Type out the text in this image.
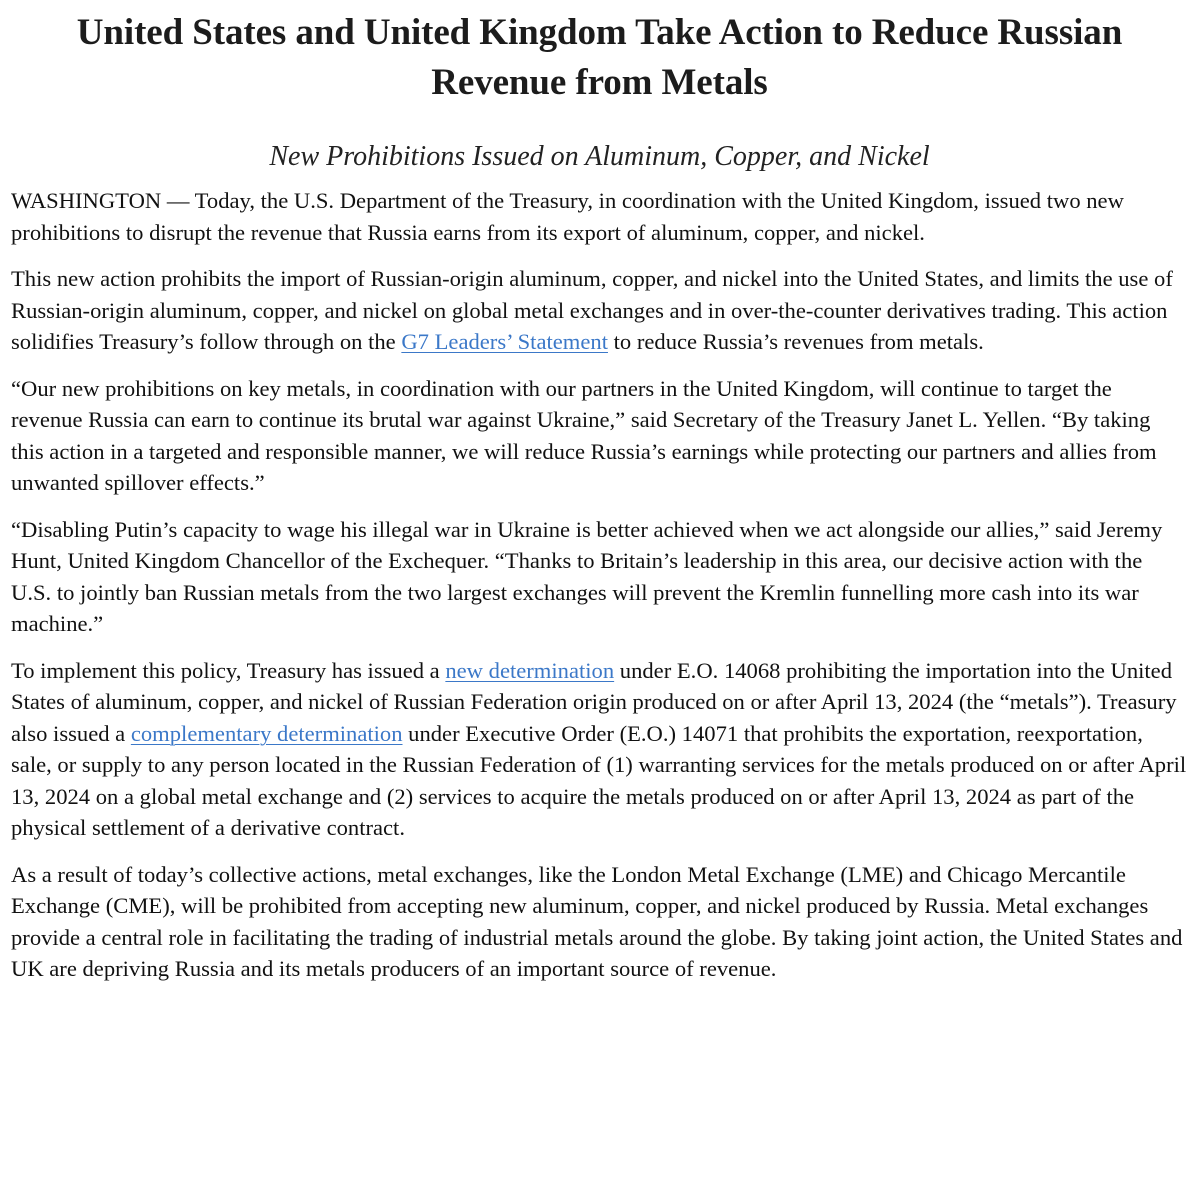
United States and United Kingdom Take Action to Reduce Russian Revenue from Metals
New Prohibitions Issued on Aluminum, Copper, and Nickel

WASHINGTON — Today, the U.S. Department of the Treasury, in coordination with the United Kingdom, issued two new prohibitions to disrupt the revenue that Russia earns from its export of aluminum, copper, and nickel.

This new action prohibits the import of Russian-origin aluminum, copper, and nickel into the United States, and limits the use of Russian-origin aluminum, copper, and nickel on global metal exchanges and in over-the-counter derivatives trading. This action solidifies Treasury’s follow through on the G7 Leaders’ Statement to reduce Russia’s revenues from metals.

“Our new prohibitions on key metals, in coordination with our partners in the United Kingdom, will continue to target the revenue Russia can earn to continue its brutal war against Ukraine,” said Secretary of the Treasury Janet L. Yellen. “By taking this action in a targeted and responsible manner, we will reduce Russia’s earnings while protecting our partners and allies from unwanted spillover effects.”

“Disabling Putin’s capacity to wage his illegal war in Ukraine is better achieved when we act alongside our allies,” said Jeremy Hunt, United Kingdom Chancellor of the Exchequer. “Thanks to Britain’s leadership in this area, our decisive action with the U.S. to jointly ban Russian metals from the two largest exchanges will prevent the Kremlin funnelling more cash into its war machine.”

To implement this policy, Treasury has issued a new determination under E.O. 14068 prohibiting the importation into the United States of aluminum, copper, and nickel of Russian Federation origin produced on or after April 13, 2024 (the “metals”). Treasury also issued a complementary determination under Executive Order (E.O.) 14071 that prohibits the exportation, reexportation, sale, or supply to any person located in the Russian Federation of (1) warranting services for the metals produced on or after April 13, 2024 on a global metal exchange and (2) services to acquire the metals produced on or after April 13, 2024 as part of the physical settlement of a derivative contract.

As a result of today’s collective actions, metal exchanges, like the London Metal Exchange (LME) and Chicago Mercantile Exchange (CME), will be prohibited from accepting new aluminum, copper, and nickel produced by Russia. Metal exchanges provide a central role in facilitating the trading of industrial metals around the globe. By taking joint action, the United States and UK are depriving Russia and its metals producers of an important source of revenue.
